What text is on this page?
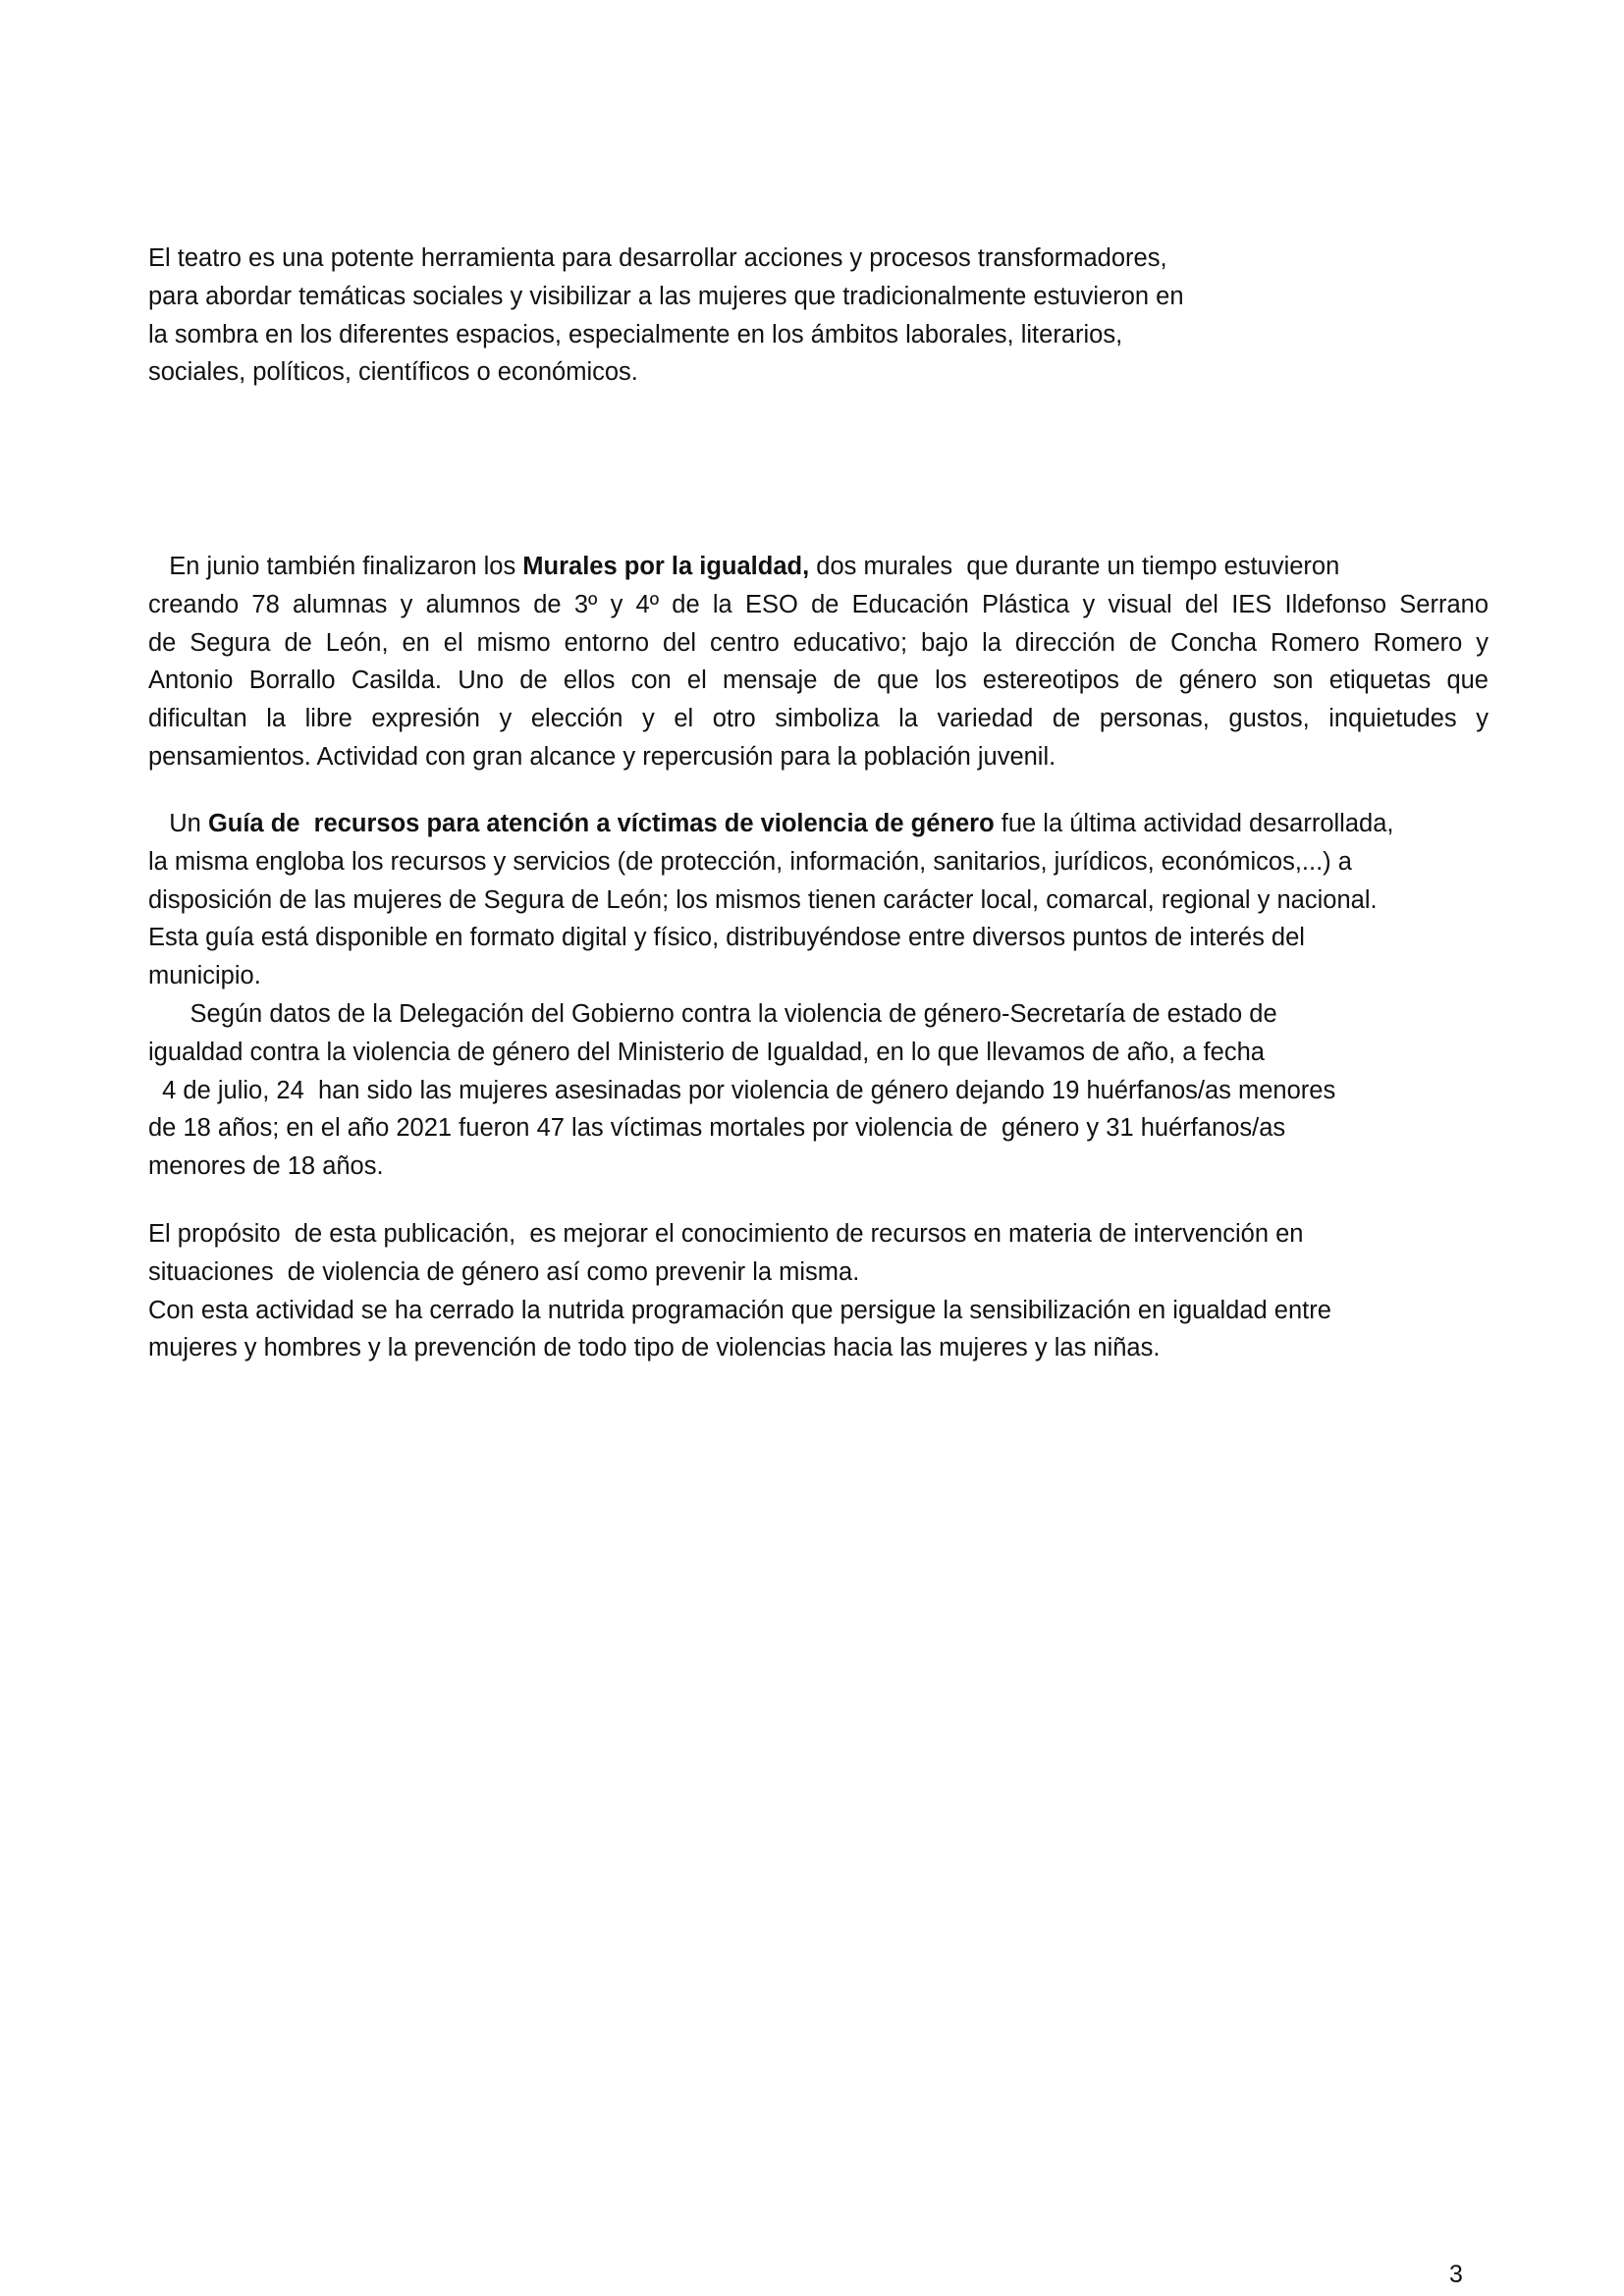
El teatro es una potente herramienta para desarrollar acciones y procesos transformadores,
para abordar temáticas sociales y visibilizar a las mujeres que tradicionalmente estuvieron en
la sombra en los diferentes espacios, especialmente en los ámbitos laborales, literarios,
sociales, políticos, científicos o económicos.

En junio también finalizaron los Murales por la igualdad, dos murales  que durante un tiempo estuvieron
creando 78 alumnas y alumnos de 3º y 4º de la ESO de Educación Plástica y visual del IES Ildefonso Serrano
de Segura de León, en el mismo entorno del centro educativo; bajo la dirección de Concha Romero Romero y
Antonio Borrallo Casilda. Uno de ellos con el mensaje de que los estereotipos de género son etiquetas que
dificultan la libre expresión y elección y el otro simboliza la variedad de personas, gustos, inquietudes y
pensamientos. Actividad con gran alcance y repercusión para la población juvenil.

Un Guía de  recursos para atención a víctimas de violencia de género fue la última actividad desarrollada,
la misma engloba los recursos y servicios (de protección, información, sanitarios, jurídicos, económicos,...) a
disposición de las mujeres de Segura de León; los mismos tienen carácter local, comarcal, regional y nacional.
Esta guía está disponible en formato digital y físico, distribuyéndose entre diversos puntos de interés del
municipio.
Según datos de la Delegación del Gobierno contra la violencia de género-Secretaría de estado de
igualdad contra la violencia de género del Ministerio de Igualdad, en lo que llevamos de año, a fecha
4 de julio, 24  han sido las mujeres asesinadas por violencia de género dejando 19 huérfanos/as menores
de 18 años; en el año 2021 fueron 47 las víctimas mortales por violencia de  género y 31 huérfanos/as
menores de 18 años.

El propósito  de esta publicación,  es mejorar el conocimiento de recursos en materia de intervención en
situaciones  de violencia de género así como prevenir la misma.
Con esta actividad se ha cerrado la nutrida programación que persigue la sensibilización en igualdad entre
mujeres y hombres y la prevención de todo tipo de violencias hacia las mujeres y las niñas.

3
